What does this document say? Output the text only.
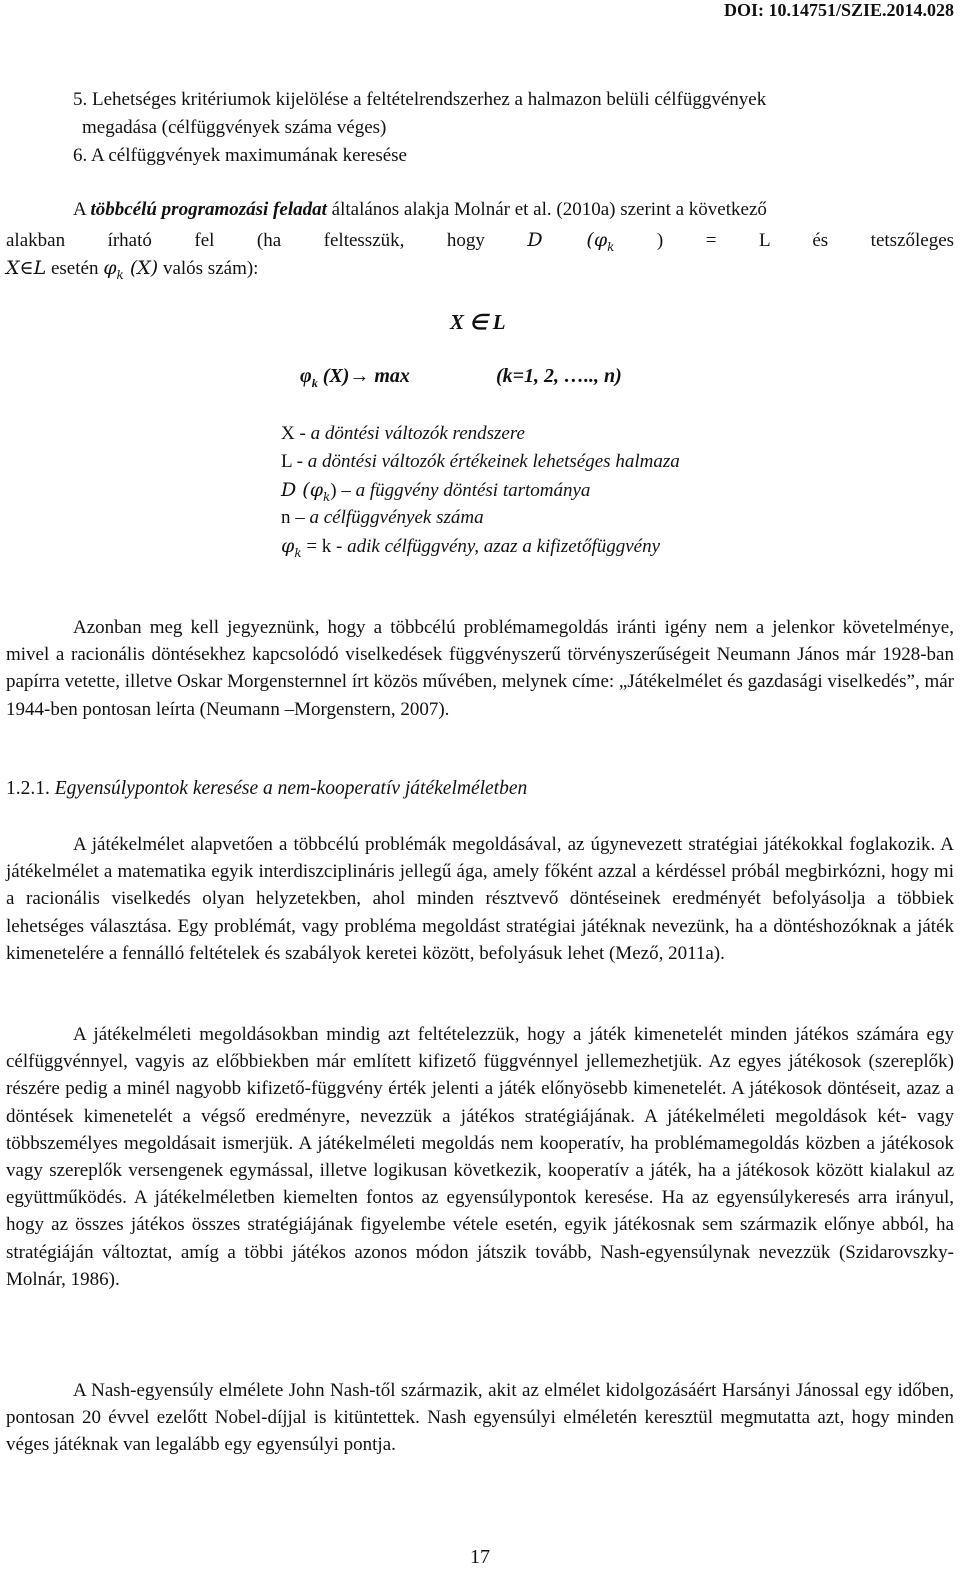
DOI: 10.14751/SZIE.2014.028
5. Lehetséges kritériumok kijelölése a feltételrendszerhez a halmazon belüli célfüggvények
megadása (célfüggvények száma véges)
6. A célfüggvények maximumának keresése
A többcélú programozási feladat általános alakja Molnár et al. (2010a) szerint a következő
alakban írható fel (ha feltesszük, hogy D ($\varphi_k$ ) = L és tetszőleges
X∈L esetén $\varphi_k$ (X) valós szám):
X ∈ L
$\varphi_k$ (X)→ max	(k=1, 2, ….., n)
X - a döntési változók rendszere
L - a döntési változók értékeinek lehetséges halmaza
D $(\varphi_k)$ – a függvény döntési tartománya
n – a célfüggvények száma
$\varphi_k = k$ - adik célfüggvény, azaz a kifizetőfüggvény

Azonban meg kell jegyeznünk, hogy a többcélú problémamegoldás iránti igény nem a jelenkor követelménye, mivel a racionális döntésekhez kapcsolódó viselkedések függvényszerű törvényszerűségeit Neumann János már 1928-ban papírra vetette, illetve Oskar Morgensternnel írt közös művében, melynek címe: „Játékelmélet és gazdasági viselkedés”, már 1944-ben pontosan leírta (Neumann –Morgenstern, 2007).

1.2.1. Egyensúlypontok keresése a nem-kooperatív játékelméletben

A játékelmélet alapvetően a többcélú problémák megoldásával, az úgynevezett stratégiai játékokkal foglakozik. A játékelmélet a matematika egyik interdiszciplináris jellegű ága, amely főként azzal a kérdéssel próbál megbirkózni, hogy mi a racionális viselkedés olyan helyzetekben, ahol minden résztvevő döntéseinek eredményét befolyásolja a többiek lehetséges választása. Egy problémát, vagy probléma megoldást stratégiai játéknak nevezünk, ha a döntéshozóknak a játék kimenetelére a fennálló feltételek és szabályok keretei között, befolyásuk lehet (Mező, 2011a).

A játékelméleti megoldásokban mindig azt feltételezzük, hogy a játék kimenetelét minden játékos számára egy célfüggvénnyel, vagyis az előbbiekben már említett kifizető függvénnyel jellemezhetjük. Az egyes játékosok (szereplők) részére pedig a minél nagyobb kifizető-függvény érték jelenti a játék előnyösebb kimenetelét. A játékosok döntéseit, azaz a döntések kimenetelét a végső eredményre, nevezzük a játékos stratégiájának. A játékelméleti megoldások két- vagy többszemélyes megoldásait ismerjük. A játékelméleti megoldás nem kooperatív, ha problémamegoldás közben a játékosok vagy szereplők versengenek egymással, illetve logikusan következik, kooperatív a játék, ha a játékosok között kialakul az együttműködés. A játékelméletben kiemelten fontos az egyensúlypontok keresése. Ha az egyensúlykeresés arra irányul, hogy az összes játékos összes stratégiájának figyelembe vétele esetén, egyik játékosnak sem származik előnye abból, ha stratégiáján változtat, amíg a többi játékos azonos módon játszik tovább, Nash-egyensúlynak nevezzük (Szidarovszky-Molnár, 1986).

A Nash-egyensúly elmélete John Nash-től származik, akit az elmélet kidolgozásáért Harsányi Jánossal egy időben, pontosan 20 évvel ezelőtt Nobel-díjjal is kitüntettek. Nash egyensúlyi elméletén keresztül megmutatta azt, hogy minden véges játéknak van legalább egy egyensúlyi pontja.

17
